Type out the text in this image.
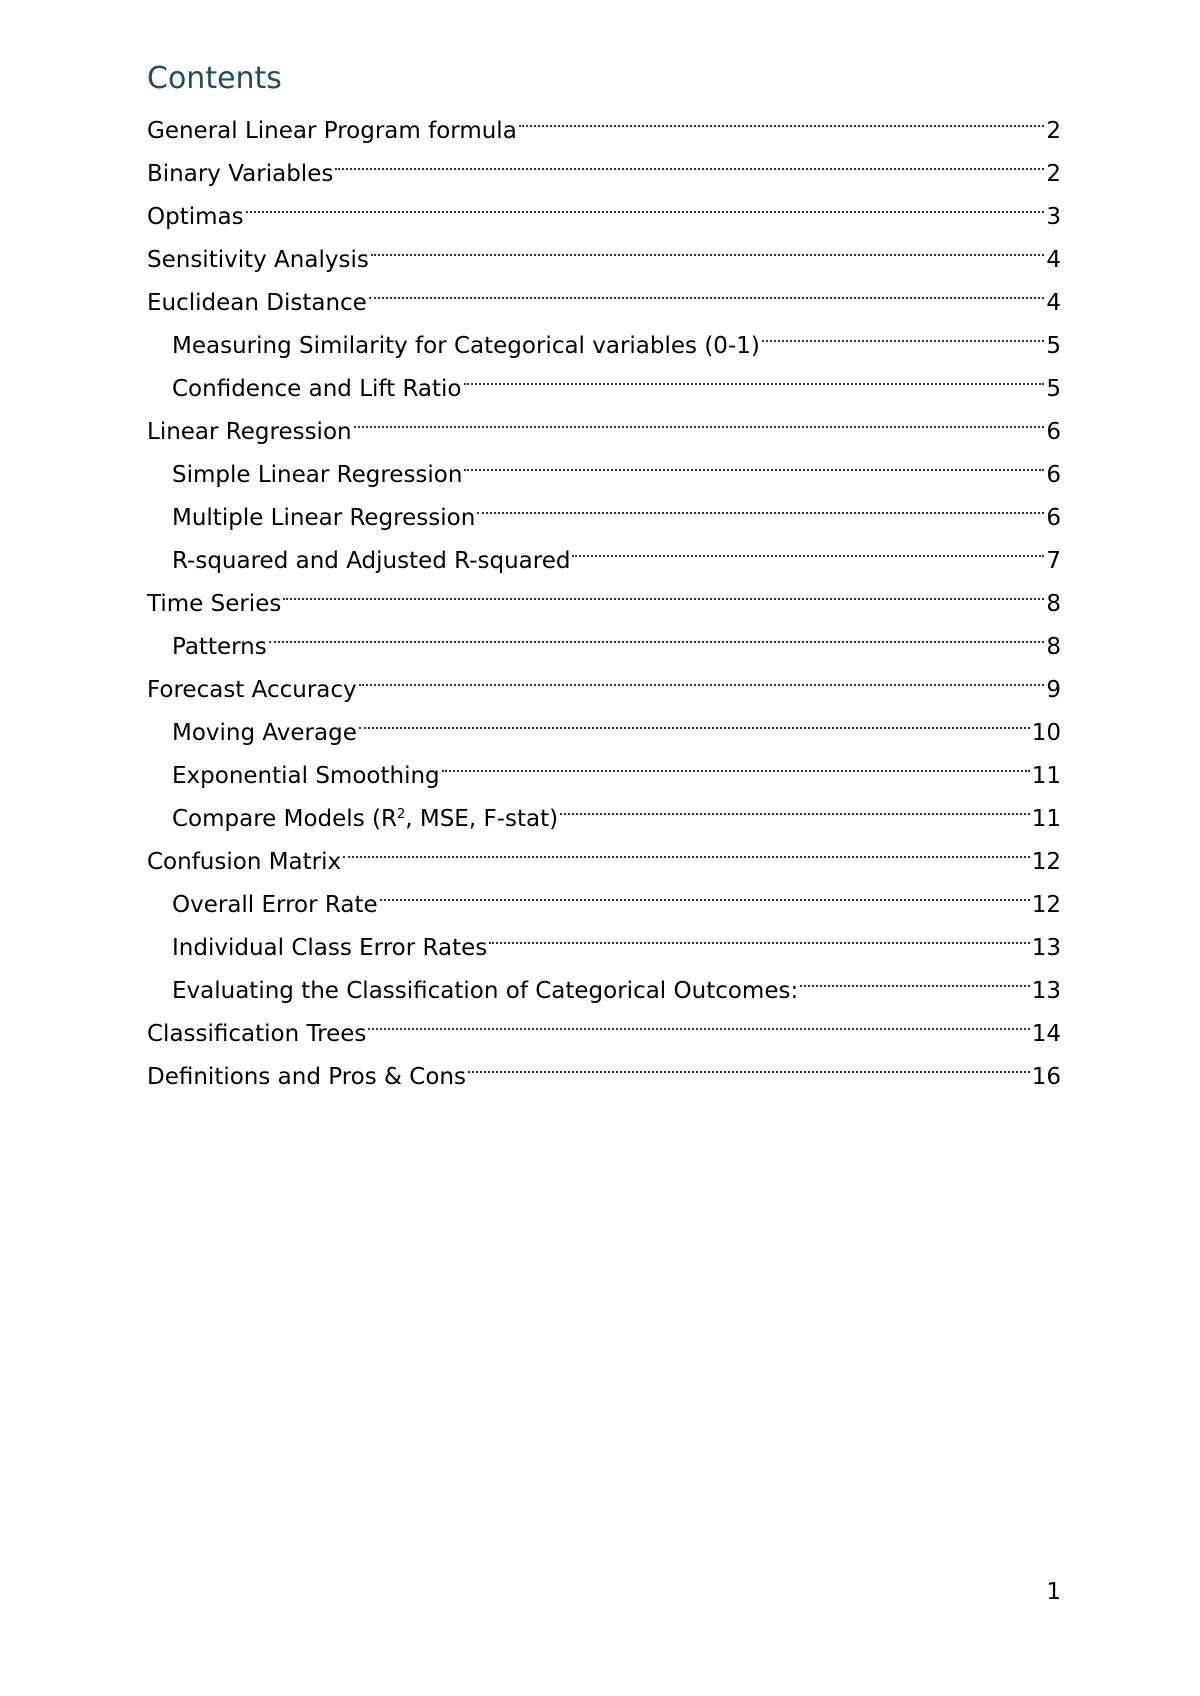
Contents
General Linear Program formula	2
Binary Variables	2
Optimas	3
Sensitivity Analysis	4
Euclidean Distance	4
Measuring Similarity for Categorical variables (0-1)	5
Confidence and Lift Ratio	5
Linear Regression	6
Simple Linear Regression	6
Multiple Linear Regression	6
R-squared and Adjusted R-squared	7
Time Series	8
Patterns	8
Forecast Accuracy	9
Moving Average	10
Exponential Smoothing	11
Compare Models ($R^2$, MSE, F-stat)	11
Confusion Matrix	12
Overall Error Rate	12
Individual Class Error Rates	13
Evaluating the Classification of Categorical Outcomes:	13
Classification Trees	14
Definitions and Pros & Cons	16
1
